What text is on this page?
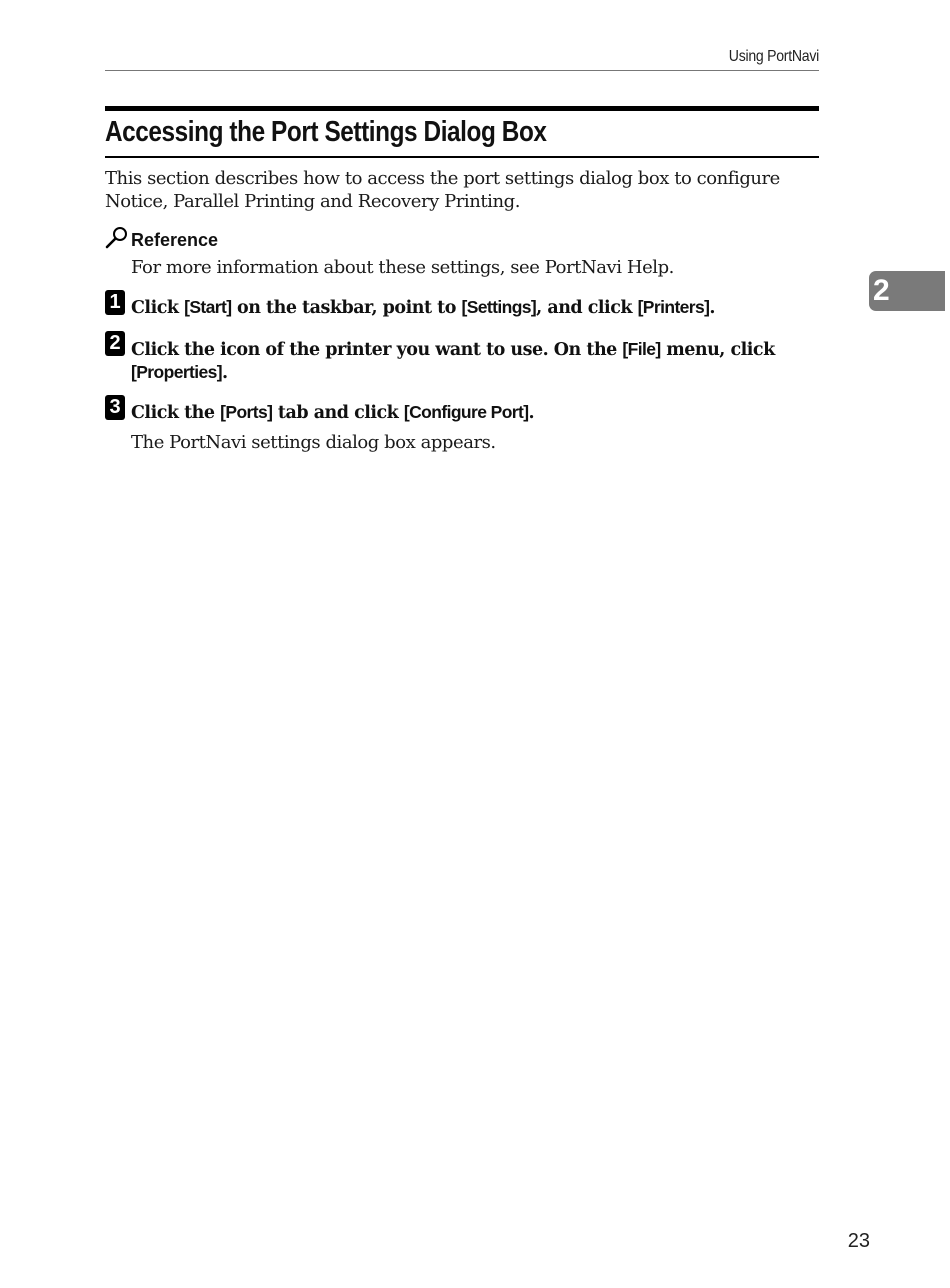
Using PortNavi
Accessing the Port Settings Dialog Box

This section describes how to access the port settings dialog box to configure Notice, Parallel Printing and Recovery Printing.

Reference

For more information about these settings, see PortNavi Help.

1 Click [Start] on the taskbar, point to [Settings], and click [Printers].

2 Click the icon of the printer you want to use. On the [File] menu, click [Properties].

3 Click the [Ports] tab and click [Configure Port].

The PortNavi settings dialog box appears.

2
23
